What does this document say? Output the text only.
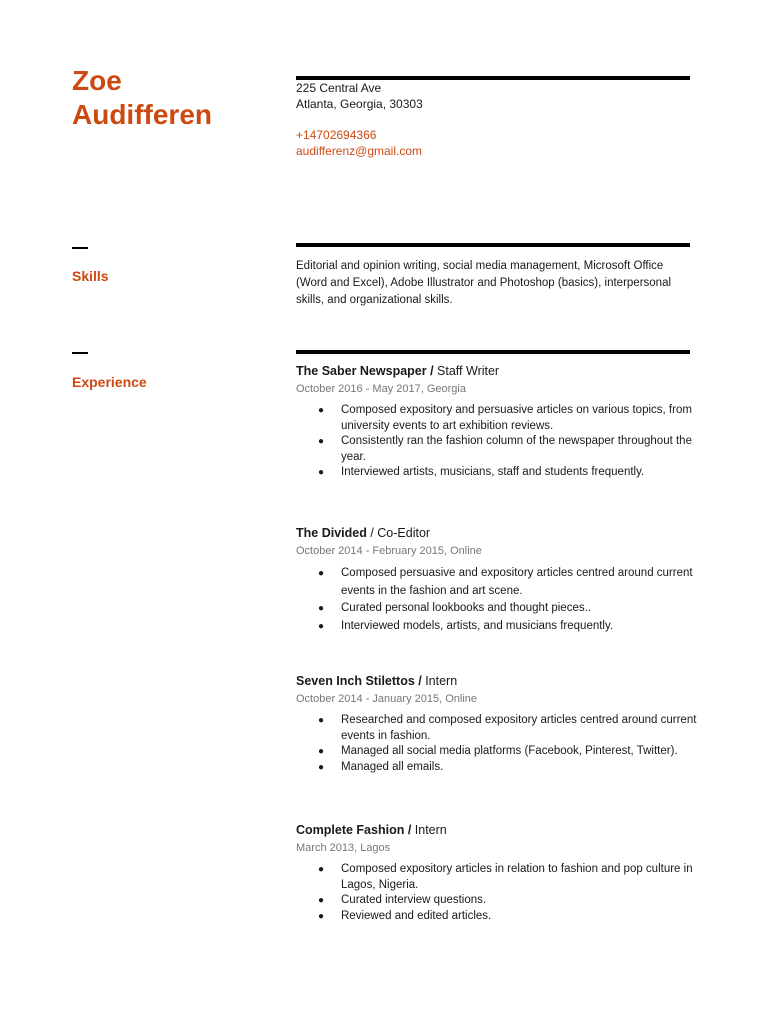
Zoe
Audifferen
225 Central Ave
Atlanta, Georgia, 30303
+14702694366
audifferenz@gmail.com
Skills
Editorial and opinion writing, social media management, Microsoft Office (Word and Excel), Adobe Illustrator and Photoshop (basics), interpersonal skills, and organizational skills.
Experience
The Saber Newspaper / Staff Writer
October 2016 - May 2017, Georgia
● Composed expository and persuasive articles on various topics, from university events to art exhibition reviews.
● Consistently ran the fashion column of the newspaper throughout the year.
● Interviewed artists, musicians, staff and students frequently.
The Divided / Co-Editor
October 2014 - February 2015, Online
● Composed persuasive and expository articles centred around current events in the fashion and art scene.
● Curated personal lookbooks and thought pieces..
● Interviewed models, artists, and musicians frequently.
Seven Inch Stilettos / Intern
October 2014 - January 2015, Online
● Researched and composed expository articles centred around current events in fashion.
● Managed all social media platforms (Facebook, Pinterest, Twitter).
● Managed all emails.
Complete Fashion / Intern
March 2013, Lagos
● Composed expository articles in relation to fashion and pop culture in Lagos, Nigeria.
● Curated interview questions.
● Reviewed and edited articles.
